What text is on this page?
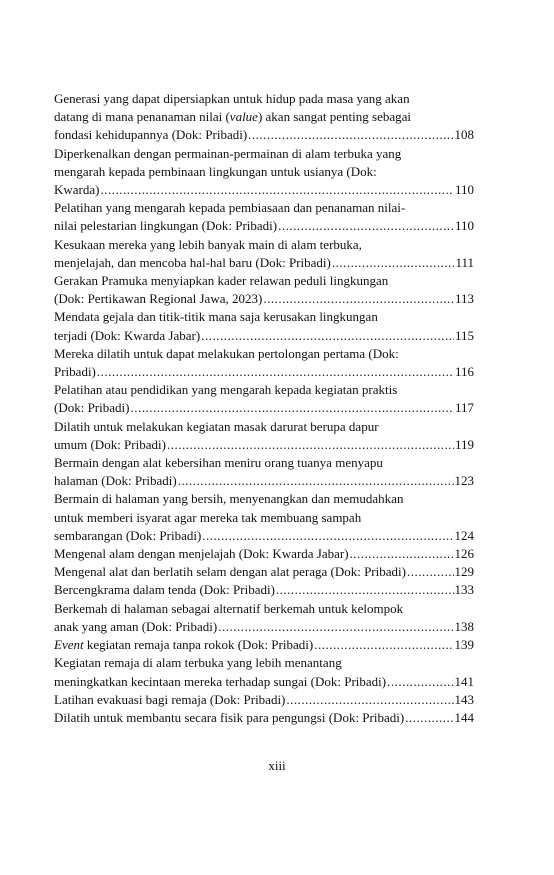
Generasi yang dapat dipersiapkan untuk hidup pada masa yang akan
datang di mana penanaman nilai (value) akan sangat penting sebagai
fondasi kehidupannya (Dok: Pribadi) .....	108
Diperkenalkan dengan permainan-permainan di alam terbuka yang
mengarah kepada pembinaan lingkungan untuk usianya (Dok:
Kwarda) .....	110
Pelatihan yang mengarah kepada pembiasaan dan penanaman nilai-
nilai pelestarian lingkungan (Dok: Pribadi) .....	110
Kesukaan mereka yang lebih banyak main di alam terbuka,
menjelajah, dan mencoba hal-hal baru (Dok: Pribadi) .....	111
Gerakan Pramuka menyiapkan kader relawan peduli lingkungan
(Dok: Pertikawan Regional Jawa, 2023) .....	113
Mendata gejala dan titik-titik mana saja kerusakan lingkungan
terjadi (Dok: Kwarda Jabar) .....	115
Mereka dilatih untuk dapat melakukan pertolongan pertama (Dok:
Pribadi) .....	116
Pelatihan atau pendidikan yang mengarah kepada kegiatan praktis
(Dok: Pribadi) .....	117
Dilatih untuk melakukan kegiatan masak darurat berupa dapur
umum (Dok: Pribadi) .....	119
Bermain dengan alat kebersihan meniru orang tuanya menyapu
halaman (Dok: Pribadi) .....	123
Bermain di halaman yang bersih, menyenangkan dan memudahkan
untuk memberi isyarat agar mereka tak membuang sampah
sembarangan (Dok: Pribadi) .....	124
Mengenal alam dengan menjelajah (Dok: Kwarda Jabar) .....	126
Mengenal alat dan berlatih selam dengan alat peraga (Dok: Pribadi) .....	129
Bercengkrama dalam tenda (Dok: Pribadi) .....	133
Berkemah di halaman sebagai alternatif berkemah untuk kelompok
anak yang aman (Dok: Pribadi) .....	138
Event kegiatan remaja tanpa rokok (Dok: Pribadi) .....	139
Kegiatan remaja di alam terbuka yang lebih menantang
meningkatkan kecintaan mereka terhadap sungai (Dok: Pribadi) .....	141
Latihan evakuasi bagi remaja (Dok: Pribadi) .....	143
Dilatih untuk membantu secara fisik para pengungsi (Dok: Pribadi) .....	144
xiii
